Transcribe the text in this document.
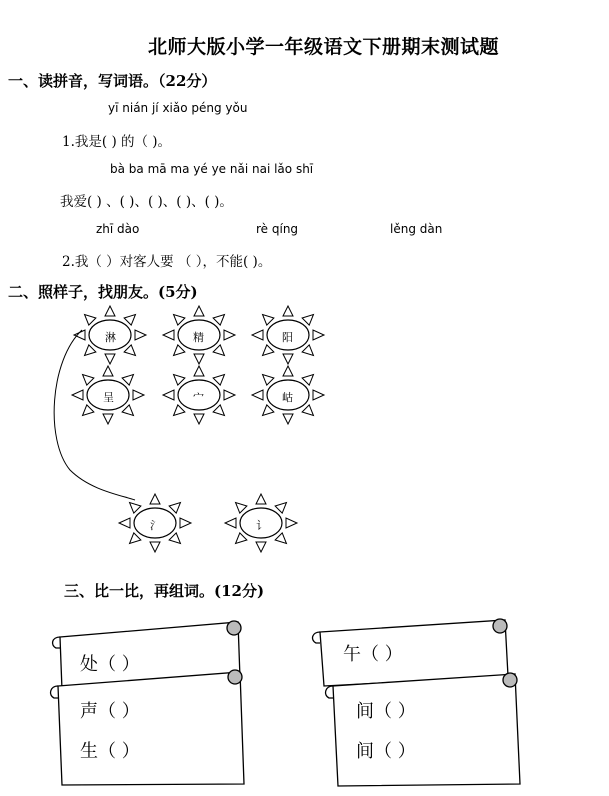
北师大版小学一年级语文下册期末测试题
一、读拼音，写词语。（22分）
yī nián jí xiǎo péng yǒu
1.我是( ) 的（ )。
bà ba mā ma yé ye nǎi nai lǎo shī
我爱( ) 、( )、( )、( )、( )。
zhī dào	rè qíng	lěng dàn
2.我（ ）对客人要 （ ），不能( )。
二、照样子，找朋友。(5分)
淋	精	阳
呈	宀	岵
氵	讠
三、比一比，再组词。(12分)
处（ ）
声（ ）
生（ ）
午（ ）
间（ ）
间（ ）
